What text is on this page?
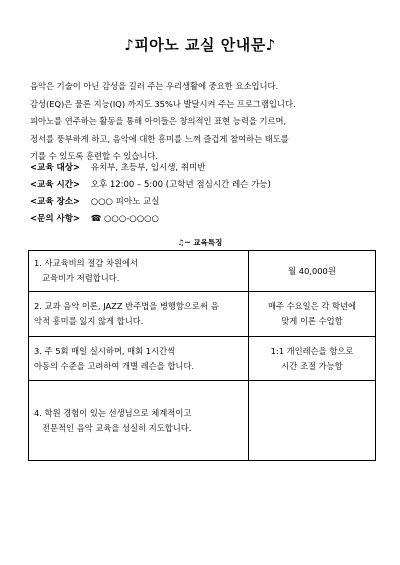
♪피아노 교실 안내문♪
음악은 기술이 아닌 감성을 길러 주는 우리생활에 중요한 요소입니다.
감성(EQ)은 물론 지능(IQ) 까지도 35%나 발달시켜 주는 프로그램입니다.
피아노를 연주하는 활동을 통해 아이들은 창의적인 표현 능력을 기르며,
정서를 풍부하게 하고, 음악에 대한 흥미를 느껴 즐겁게 참여하는 태도를
기를 수 있도록 훈련할 수 있습니다.
<교육 대상> 유치부, 초등부, 입시생, 취미반
<교육 시간> 오후 12:00 – 5:00 (고학년 점심시간 레슨 가능)
<교육 장소> ○○○ 피아노 교실
<문의 사항> ☎ ○○○-○○○○
♫~ 교육특징
1. 사교육비의 절감 차원에서
교육비가 저렴합니다.	월 40,000원

2. 교과 음악 이론, JAZZ 반주법을 병행함으로써 음
악적 흥미를 잃지 않게 합니다.	매주 수요일은 각 학년에 맞게 이론 수업함

3. 주 5회 매일 실시하며, 매회 1시간씩
아동의 수준을 고려하여 개별 레슨을 합니다.	1:1 개인레슨을 함으로 시간 조절 가능함

4. 학원 경험이 있는 선생님으로 체계적이고
전문적인 음악 교육을 성실히 지도합니다.	
